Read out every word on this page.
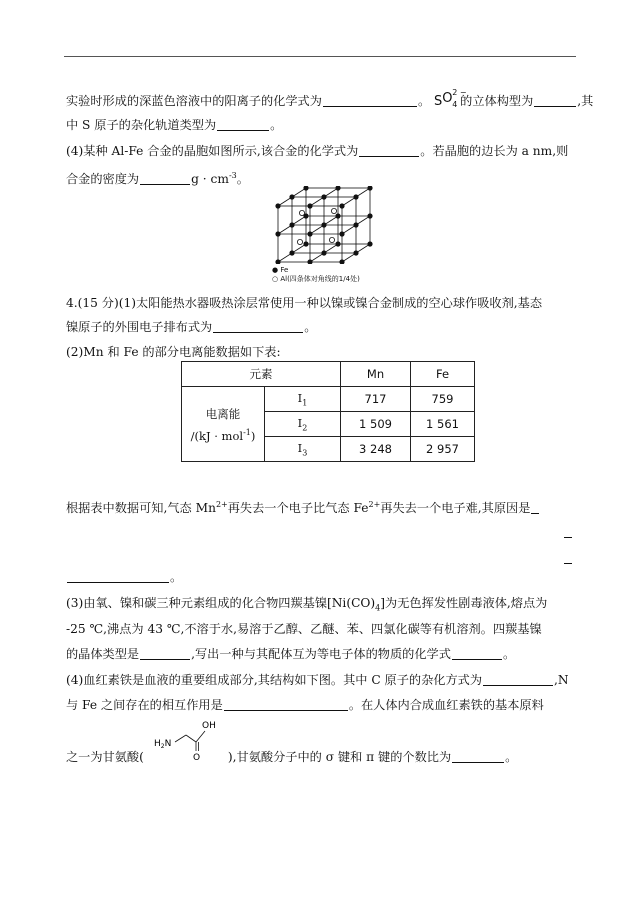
实验时形成的深蓝色溶液中的阳离子的化学式为	。 S O 2 −
4 的立体构型为	,其
中 S 原子的杂化轨道类型为	。
(4)某种 Al-Fe 合金的晶胞如图所示,该合金的化学式为	。若晶胞的边长为 a nm,则
合金的密度为	$g \cdot cm^{-3}$。
● Fe
○ Al(四条体对角线的1/4处)
4.(15 分)(1)太阳能热水器吸热涂层常使用一种以镍或镍合金制成的空心球作吸收剂,基态
镍原子的外围电子排布式为	。
(2)Mn 和 Fe 的部分电离能数据如下表:
元素		Mn	Fe

电离能
/(kJ · mol$^{-1}$)	$I_1$	717	759
	$I_2$	1 509	1 561
	$I_3$	3 248	2 957
根据表中数据可知,气态 $Mn^{2+}$再失去一个电子比气态 $Fe^{2+}$再失去一个电子难,其原因是
。
(3)由氧、镍和碳三种元素组成的化合物四羰基镍$[Ni(CO)_4]$为无色挥发性剧毒液体,熔点为
-25 ℃,沸点为 43 ℃,不溶于水,易溶于乙醇、乙醚、苯、四氯化碳等有机溶剂。四羰基镍
的晶体类型是	,写出一种与其配体互为等电子体的物质的化学式	。
(4)血红素铁是血液的重要组成部分,其结构如下图。其中 C 原子的杂化方式为	,N
与 Fe 之间存在的相互作用是	。在人体内合成血红素铁的基本原料
之一为甘氨酸(	),甘氨酸分子中的 σ 键和 π 键的个数比为	。
OH
$H_2N$
O
